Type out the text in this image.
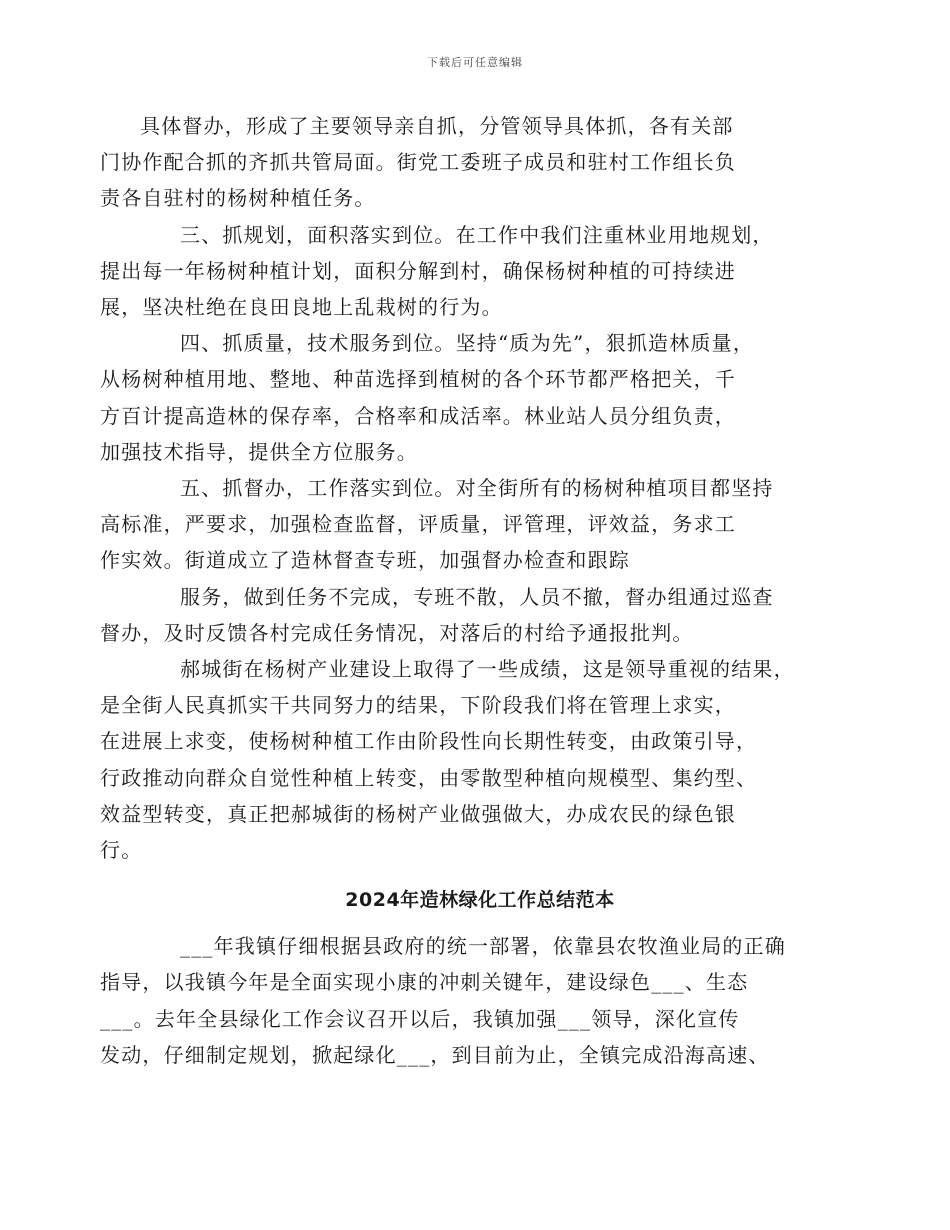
下载后可任意编辑
具体督办，形成了主要领导亲自抓，分管领导具体抓，各有关部
门协作配合抓的齐抓共管局面。街党工委班子成员和驻村工作组长负
责各自驻村的杨树种植任务。
三、抓规划，面积落实到位。在工作中我们注重林业用地规划，
提出每一年杨树种植计划，面积分解到村，确保杨树种植的可持续进
展，坚决杜绝在良田良地上乱栽树的行为。
四、抓质量，技术服务到位。坚持“质为先”，狠抓造林质量，
从杨树种植用地、整地、种苗选择到植树的各个环节都严格把关，千
方百计提高造林的保存率，合格率和成活率。林业站人员分组负责，
加强技术指导，提供全方位服务。
五、抓督办，工作落实到位。对全街所有的杨树种植项目都坚持
高标准，严要求，加强检查监督，评质量，评管理，评效益，务求工
作实效。街道成立了造林督查专班，加强督办检查和跟踪
服务，做到任务不完成，专班不散，人员不撤，督办组通过巡查
督办，及时反馈各村完成任务情况，对落后的村给予通报批判。
郝城街在杨树产业建设上取得了一些成绩，这是领导重视的结果，
是全街人民真抓实干共同努力的结果，下阶段我们将在管理上求实，
在进展上求变，使杨树种植工作由阶段性向长期性转变，由政策引导，
行政推动向群众自觉性种植上转变，由零散型种植向规模型、集约型、
效益型转变，真正把郝城街的杨树产业做强做大，办成农民的绿色银
行。
2024年造林绿化工作总结范本
___年我镇仔细根据县政府的统一部署，依靠县农牧渔业局的正确
指导，以我镇今年是全面实现小康的冲刺关键年，建设绿色___、生态
___。去年全县绿化工作会议召开以后，我镇加强___领导，深化宣传
发动，仔细制定规划，掀起绿化___，到目前为止，全镇完成沿海高速、
